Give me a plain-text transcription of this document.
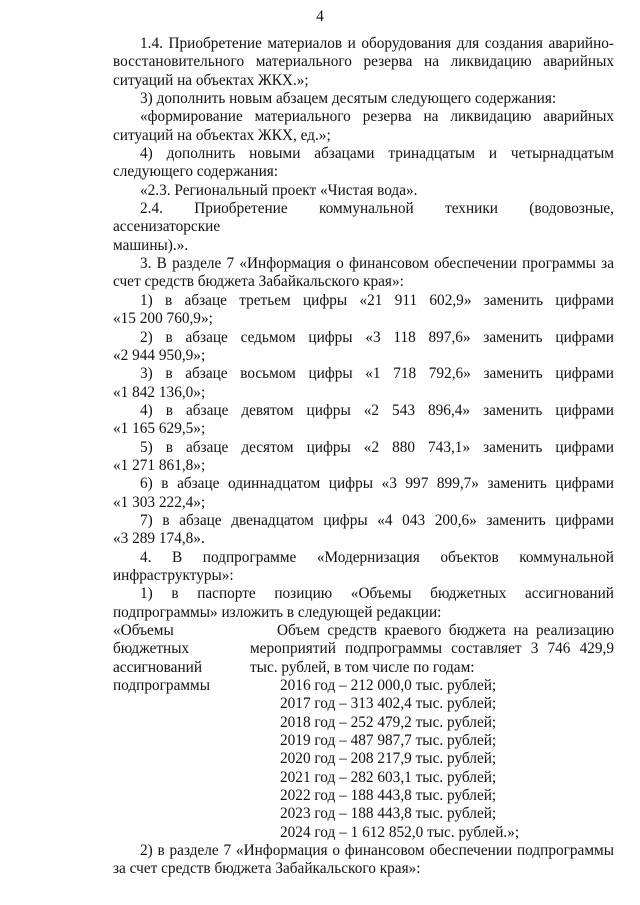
4
1.4. Приобретение материалов и оборудования для создания аварийно-
восстановительного материального резерва на ликвидацию аварийных
ситуаций на объектах ЖКХ.»;
3) дополнить новым абзацем десятым следующего содержания:
«формирование материального резерва на ликвидацию аварийных
ситуаций на объектах ЖКХ, ед.»;
4) дополнить новыми абзацами тринадцатым и четырнадцатым
следующего содержания:
«2.3. Региональный проект «Чистая вода».
2.4. Приобретение коммунальной техники (водовозные, ассенизаторские
машины).».
3. В разделе 7 «Информация о финансовом обеспечении программы за
счет средств бюджета Забайкальского края»:
1) в абзаце третьем цифры «21 911 602,9» заменить цифрами
«15 200 760,9»;
2) в абзаце седьмом цифры «3 118 897,6» заменить цифрами
«2 944 950,9»;
3) в абзаце восьмом цифры «1 718 792,6» заменить цифрами
«1 842 136,0»;
4) в абзаце девятом цифры «2 543 896,4» заменить цифрами
«1 165 629,5»;
5) в абзаце десятом цифры «2 880 743,1» заменить цифрами
«1 271 861,8»;
6) в абзаце одиннадцатом цифры «3 997 899,7» заменить цифрами
«1 303 222,4»;
7) в абзаце двенадцатом цифры «4 043 200,6» заменить цифрами
«3 289 174,8».
4. В подпрограмме «Модернизация объектов коммунальной
инфраструктуры»:
1) в паспорте позицию «Объемы бюджетных ассигнований
подпрограммы» изложить в следующей редакции:
«Объемы
бюджетных
ассигнований
подпрограммы
Объем средств краевого бюджета на реализацию
мероприятий подпрограммы составляет 3 746 429,9
тыс. рублей, в том числе по годам:
2016 год – 212 000,0 тыс. рублей;
2017 год – 313 402,4 тыс. рублей;
2018 год – 252 479,2 тыс. рублей;
2019 год – 487 987,7 тыс. рублей;
2020 год – 208 217,9 тыс. рублей;
2021 год – 282 603,1 тыс. рублей;
2022 год – 188 443,8 тыс. рублей;
2023 год – 188 443,8 тыс. рублей;
2024 год – 1 612 852,0 тыс. рублей.»;
2) в разделе 7 «Информация о финансовом обеспечении подпрограммы
за счет средств бюджета Забайкальского края»:
